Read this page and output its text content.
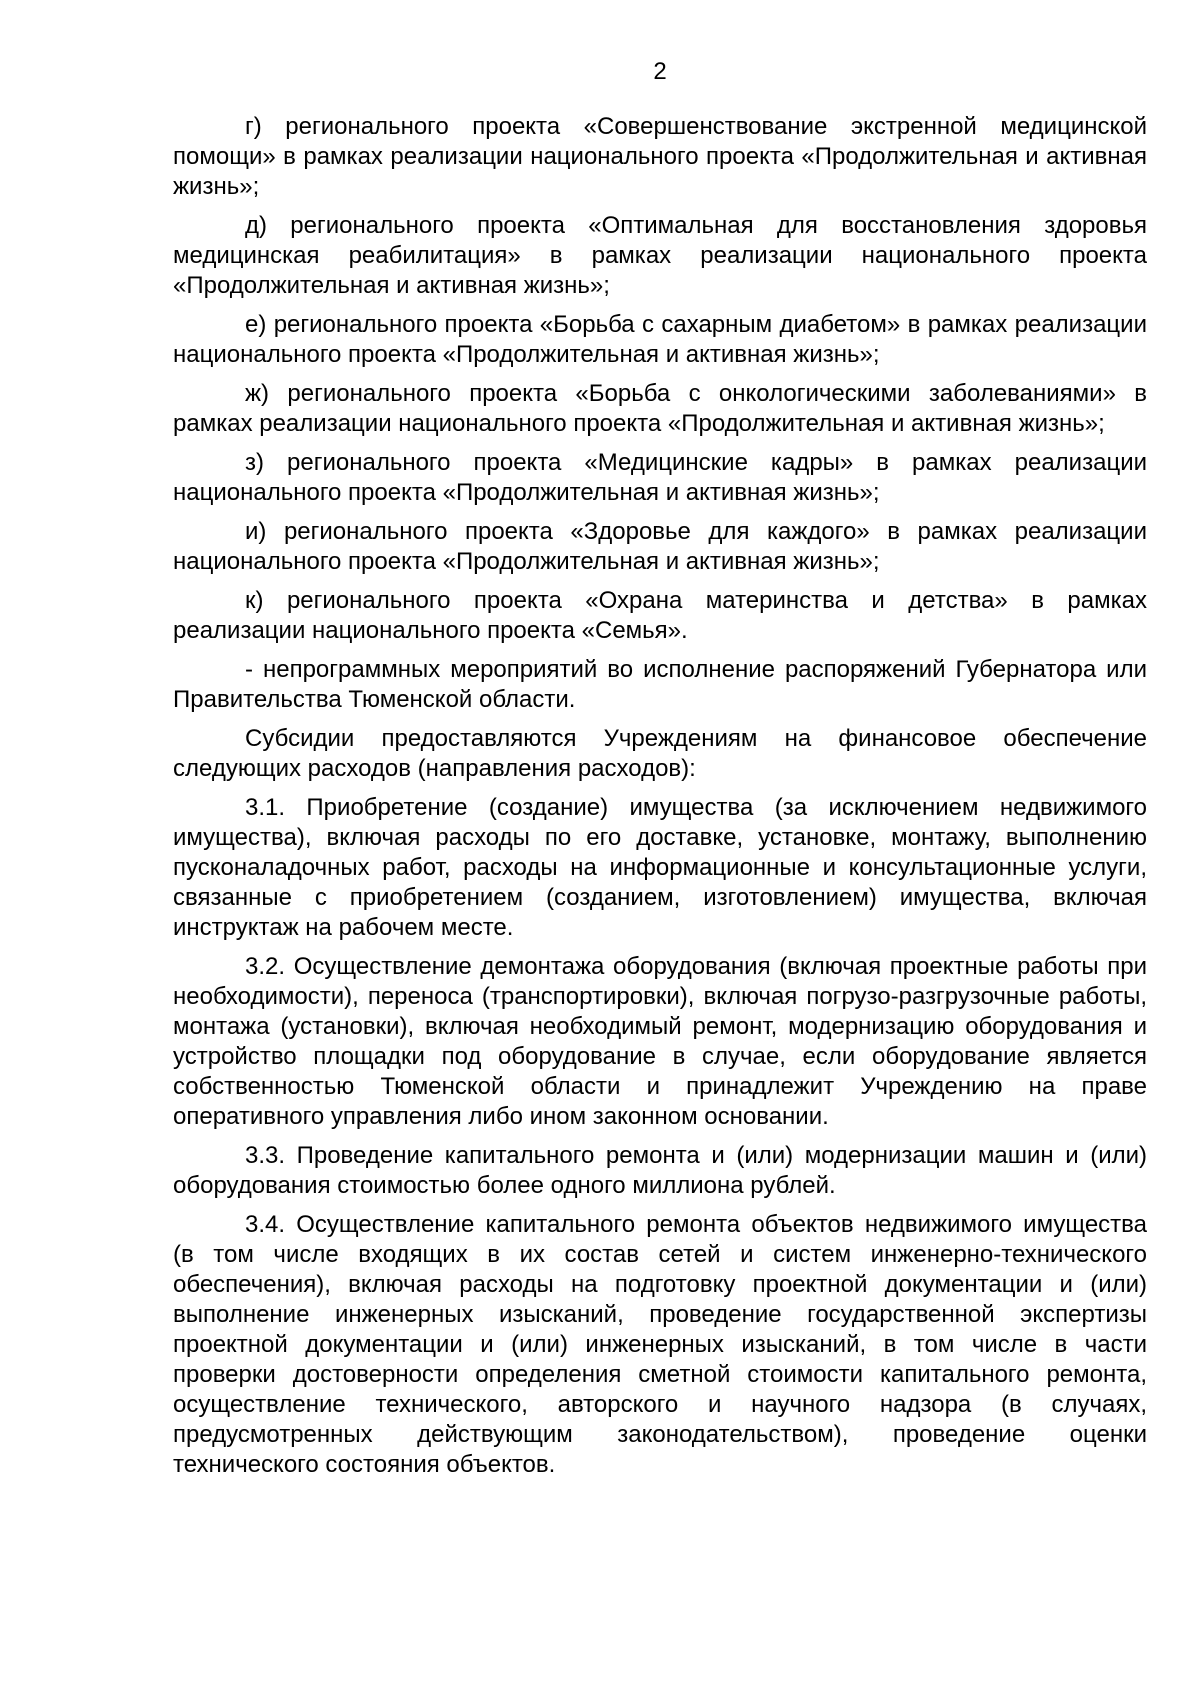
2

г) регионального проекта «Совершенствование экстренной медицинской помощи» в рамках реализации национального проекта «Продолжительная и активная жизнь»;

д) регионального проекта «Оптимальная для восстановления здоровья медицинская реабилитация» в рамках реализации национального проекта «Продолжительная и активная жизнь»;

е) регионального проекта «Борьба с сахарным диабетом» в рамках реализации национального проекта «Продолжительная и активная жизнь»;

ж) регионального проекта «Борьба с онкологическими заболеваниями» в рамках реализации национального проекта «Продолжительная и активная жизнь»;

з) регионального проекта «Медицинские кадры» в рамках реализации национального проекта «Продолжительная и активная жизнь»;

и) регионального проекта «Здоровье для каждого» в рамках реализации национального проекта «Продолжительная и активная жизнь»;

к) регионального проекта «Охрана материнства и детства» в рамках реализации национального проекта «Семья».

- непрограммных мероприятий во исполнение распоряжений Губернатора или Правительства Тюменской области.

Субсидии предоставляются Учреждениям на финансовое обеспечение следующих расходов (направления расходов):

3.1. Приобретение (создание) имущества (за исключением недвижимого имущества), включая расходы по его доставке, установке, монтажу, выполнению пусконаладочных работ, расходы на информационные и консультационные услуги, связанные с приобретением (созданием, изготовлением) имущества, включая инструктаж на рабочем месте.

3.2. Осуществление демонтажа оборудования (включая проектные работы при необходимости), переноса (транспортировки), включая погрузо-разгрузочные работы, монтажа (установки), включая необходимый ремонт, модернизацию оборудования и устройство площадки под оборудование в случае, если оборудование является собственностью Тюменской области и принадлежит Учреждению на праве оперативного управления либо ином законном основании.

3.3. Проведение капитального ремонта и (или) модернизации машин и (или) оборудования стоимостью более одного миллиона рублей.

3.4. Осуществление капитального ремонта объектов недвижимого имущества (в том числе входящих в их состав сетей и систем инженерно-технического обеспечения), включая расходы на подготовку проектной документации и (или) выполнение инженерных изысканий, проведение государственной экспертизы проектной документации и (или) инженерных изысканий, в том числе в части проверки достоверности определения сметной стоимости капитального ремонта, осуществление технического, авторского и научного надзора (в случаях, предусмотренных действующим законодательством), проведение оценки технического состояния объектов.
